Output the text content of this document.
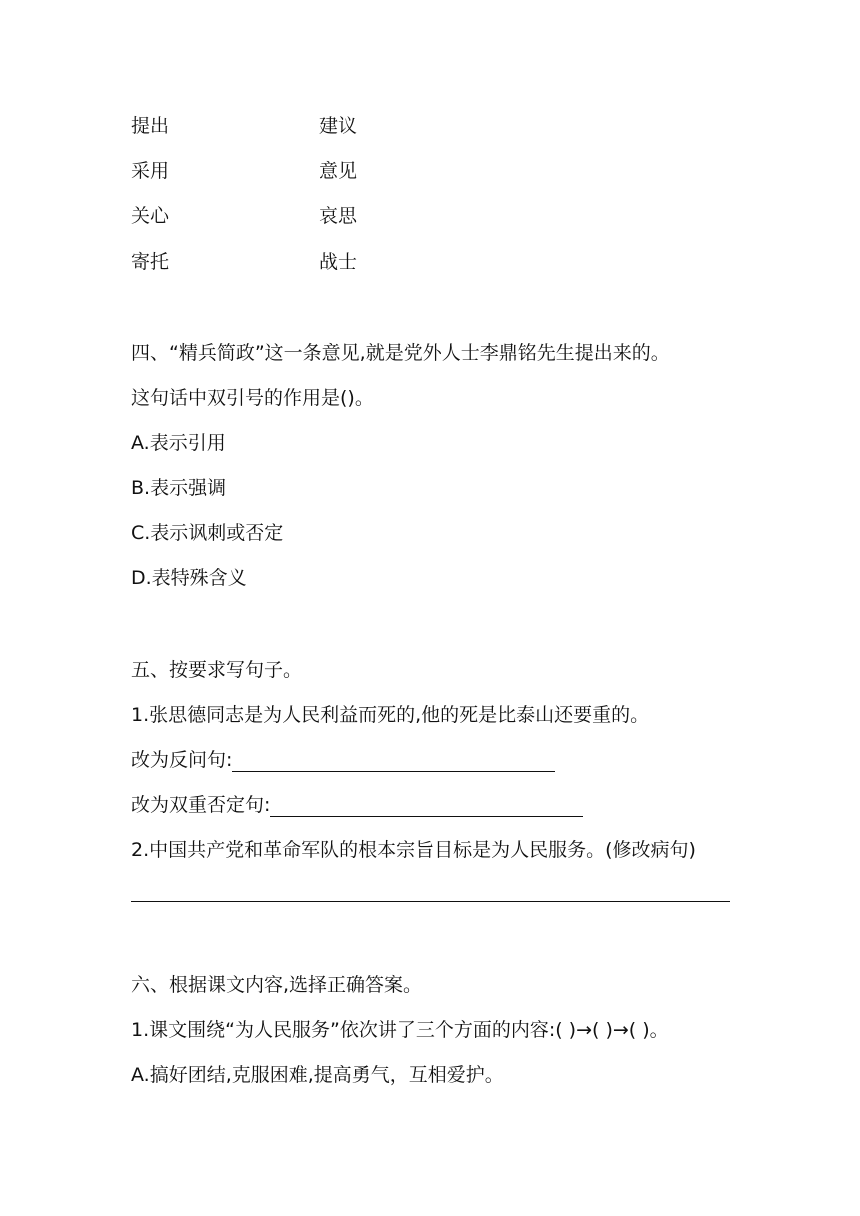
提出	建议
采用	意见
关心	哀思
寄托	战士
四、“精兵简政”这一条意见,就是党外人士李鼎铭先生提出来的。
这句话中双引号的作用是()。
A.表示引用
B.表示强调
C.表示讽刺或否定
D.表特殊含义
五、按要求写句子。
1.张思德同志是为人民利益而死的,他的死是比泰山还要重的。
改为反问句:
改为双重否定句:
2.中国共产党和革命军队的根本宗旨目标是为人民服务。(修改病句)
六、根据课文内容,选择正确答案。
1.课文围绕“为人民服务”依次讲了三个方面的内容:( )→( )→( )。
A.搞好团结,克服困难,提高勇气，互相爱护。
